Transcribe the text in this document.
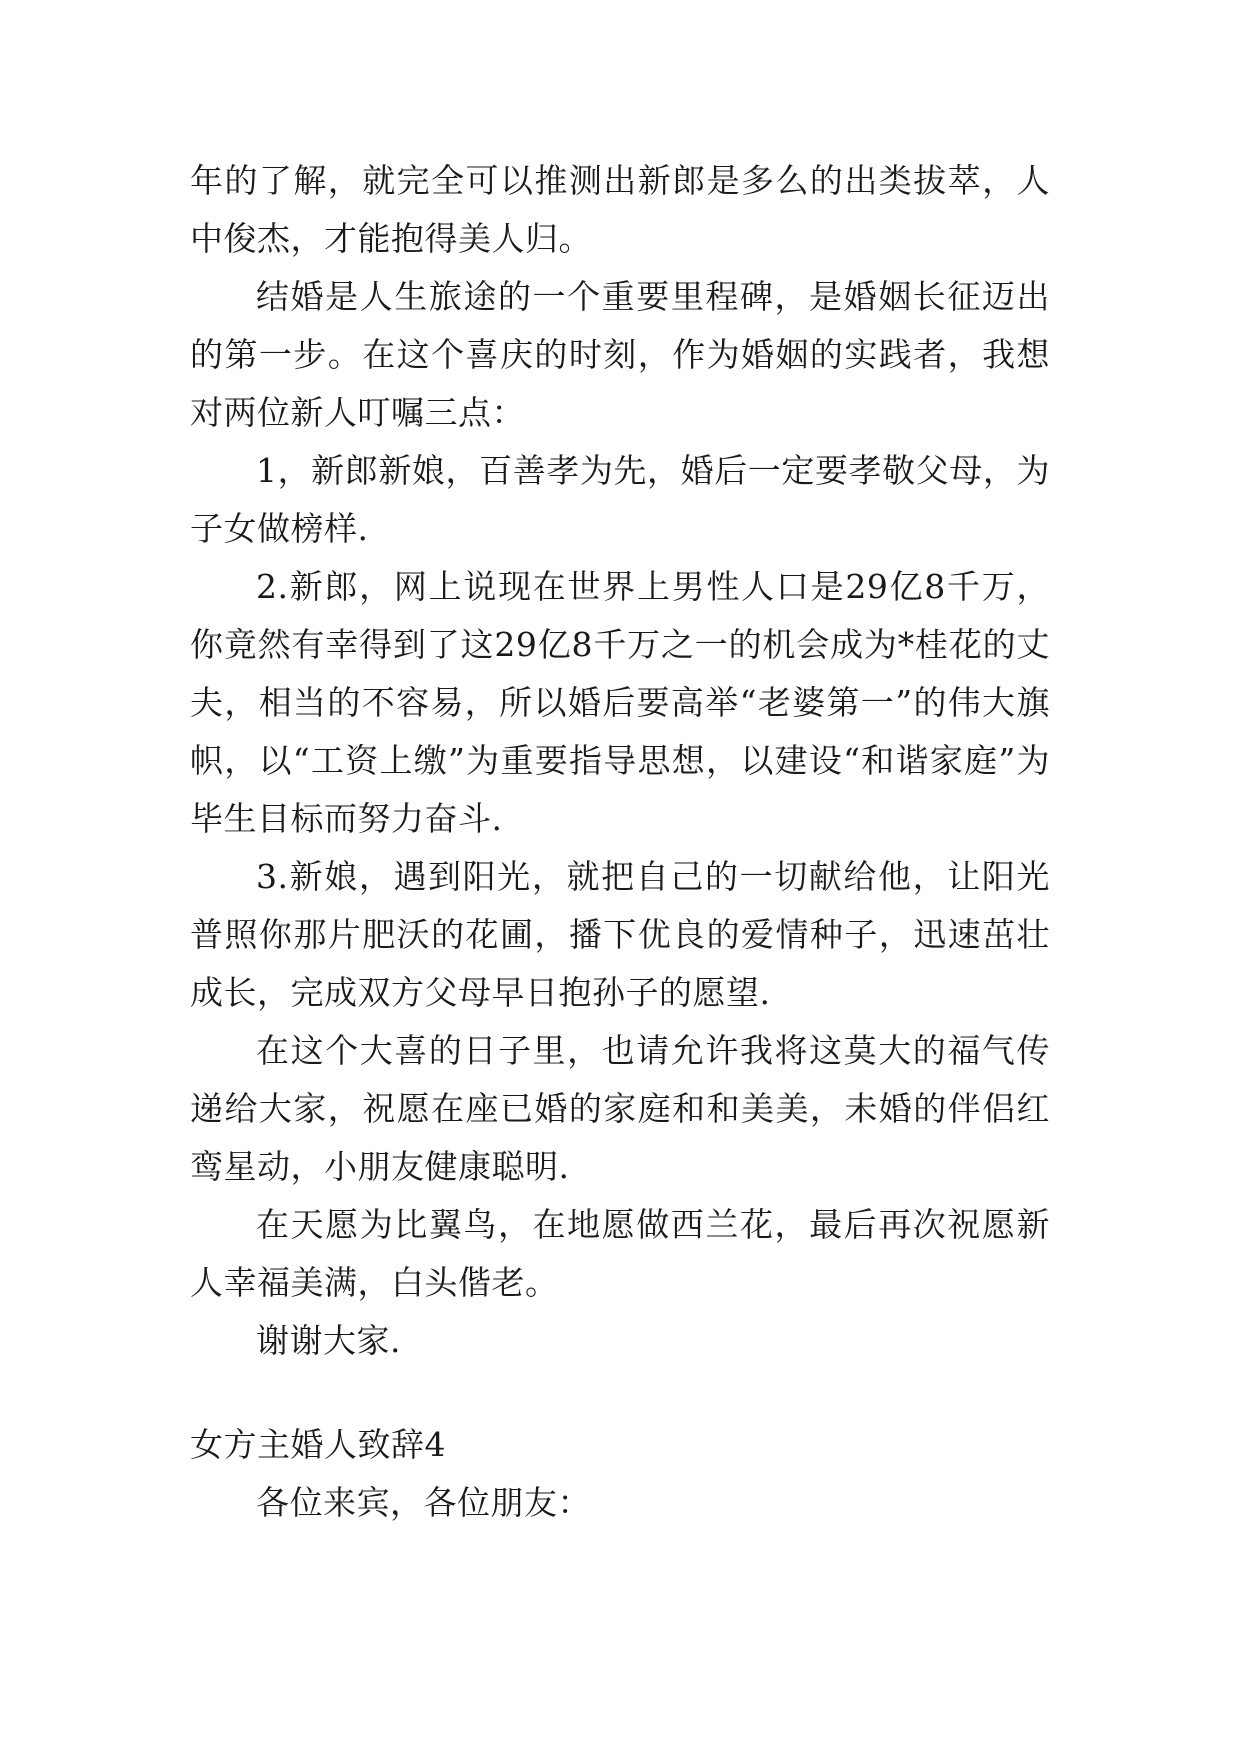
年的了解，就完全可以推测出新郎是多么的出类拔萃，人中俊杰，才能抱得美人归。

结婚是人生旅途的一个重要里程碑，是婚姻长征迈出的第一步。在这个喜庆的时刻，作为婚姻的实践者，我想对两位新人叮嘱三点：

1，新郎新娘，百善孝为先，婚后一定要孝敬父母，为子女做榜样.

2.新郎，网上说现在世界上男性人口是29亿8千万，你竟然有幸得到了这29亿8千万之一的机会成为*桂花的丈夫，相当的不容易，所以婚后要高举“老婆第一”的伟大旗帜，以“工资上缴”为重要指导思想，以建设“和谐家庭”为毕生目标而努力奋斗.

3.新娘，遇到阳光，就把自己的一切献给他，让阳光普照你那片肥沃的花圃，播下优良的爱情种子，迅速茁壮成长，完成双方父母早日抱孙子的愿望.

在这个大喜的日子里，也请允许我将这莫大的福气传递给大家，祝愿在座已婚的家庭和和美美，未婚的伴侣红鸾星动，小朋友健康聪明.

在天愿为比翼鸟，在地愿做西兰花，最后再次祝愿新人幸福美满，白头偕老。

谢谢大家.

女方主婚人致辞4

各位来宾，各位朋友：
